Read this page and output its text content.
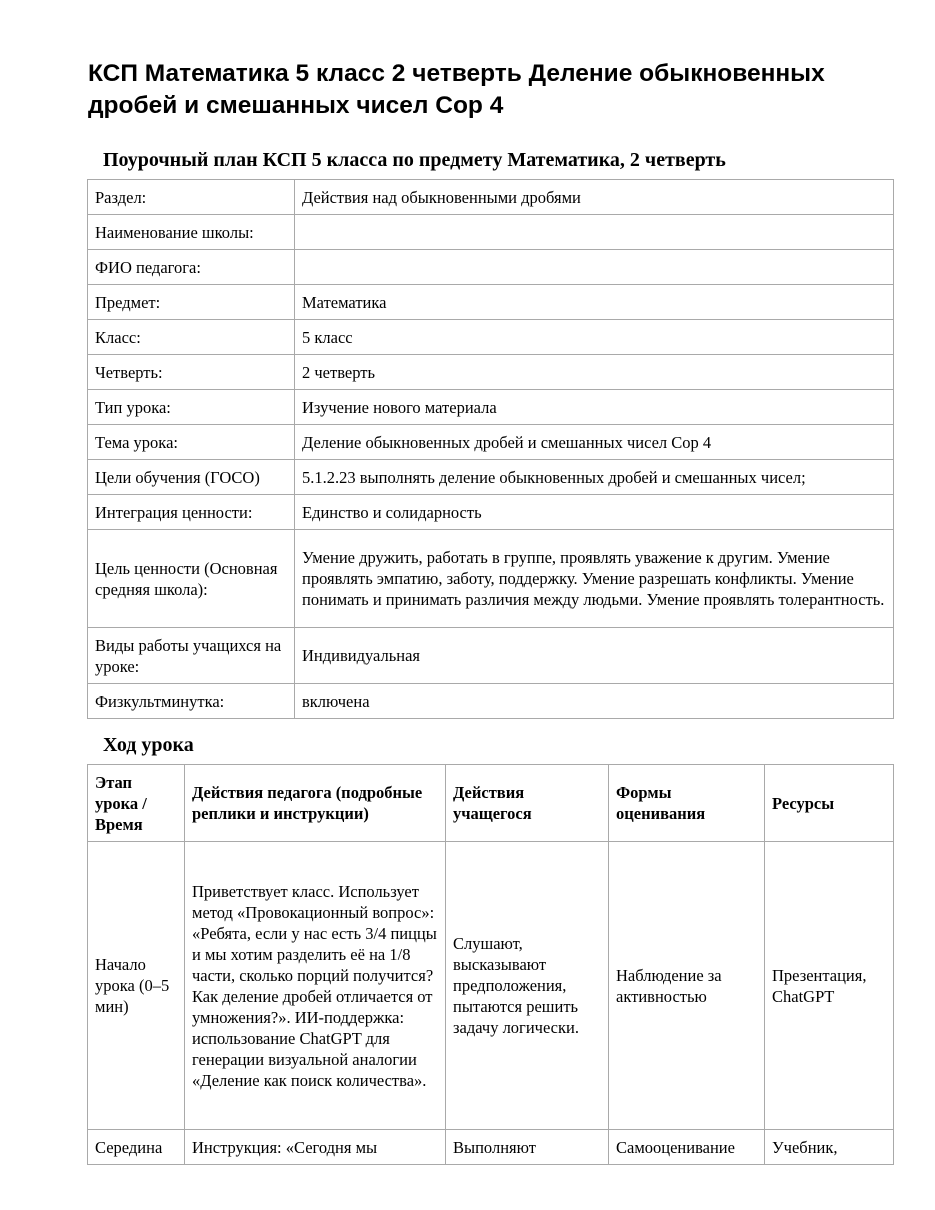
КСП Математика 5 класс 2 четверть Деление обыкновенных дробей и смешанных чисел Сор 4
Поурочный план КСП 5 класса по предмету Математика, 2 четверть
Раздел:	Действия над обыкновенными дробями
Наименование школы:	
ФИО педагога:	
Предмет:	Математика
Класс:	5 класс
Четверть:	2 четверть
Тип урока:	Изучение нового материала
Тема урока:	Деление обыкновенных дробей и смешанных чисел Сор 4
Цели обучения (ГОСО)	5.1.2.23 выполнять деление обыкновенных дробей и смешанных чисел;
Интеграция ценности:	Единство и солидарность
Цель ценности (Основная средняя школа):	Умение дружить, работать в группе, проявлять уважение к другим. Умение проявлять эмпатию, заботу, поддержку. Умение разрешать конфликты. Умение понимать и принимать различия между людьми. Умение проявлять толерантность.
Виды работы учащихся на уроке:	Индивидуальная
Физкультминутка:	включена
Ход урока
Этап урока / Время	Действия педагога (подробные реплики и инструкции)	Действия учащегося	Формы оценивания	Ресурсы
Начало урока (0–5 мин)	Приветствует класс. Использует метод «Провокационный вопрос»: «Ребята, если у нас есть 3/4 пиццы и мы хотим разделить её на 1/8 части, сколько порций получится? Как деление дробей отличается от умножения?». ИИ-поддержка: использование ChatGPT для генерации визуальной аналогии «Деление как поиск количества».	Слушают, высказывают предположения, пытаются решить задачу логически.	Наблюдение за активностью	Презентация, ChatGPT
Середина	Инструкция: «Сегодня мы	Выполняют	Самооценивание	Учебник,
